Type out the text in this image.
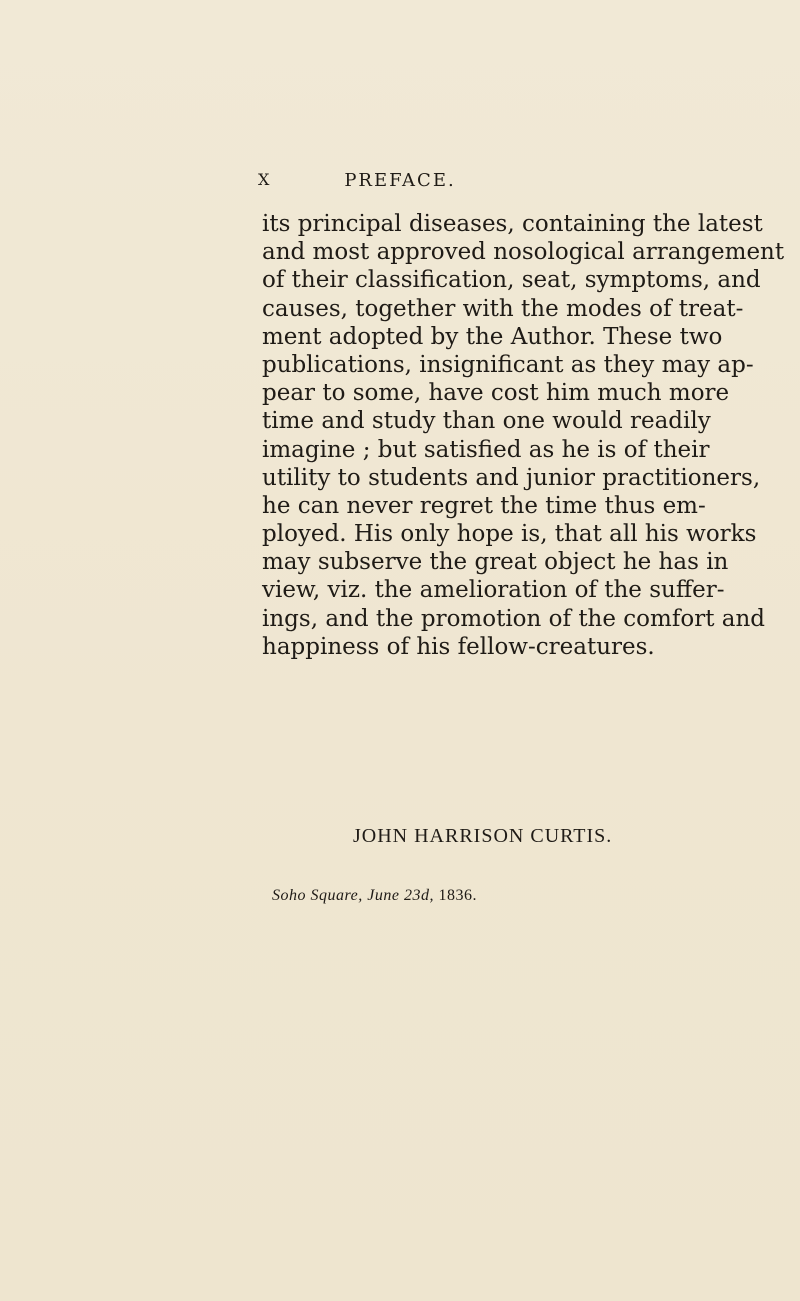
X	PREFACE.
its principal diseases, containing the latest
and most approved nosological arrangement
of their classification, seat, symptoms, and
causes, together with the modes of treat-
ment adopted by the Author. These two
publications, insignificant as they may ap-
pear to some, have cost him much more
time and study than one would readily
imagine ; but satisfied as he is of their
utility to students and junior practitioners,
he can never regret the time thus em-
ployed. His only hope is, that all his works
may subserve the great object he has in
view, viz. the amelioration of the suffer-
ings, and the promotion of the comfort and
happiness of his fellow-creatures.
JOHN HARRISON CURTIS.
Soho Square, June 23d, 1836.
